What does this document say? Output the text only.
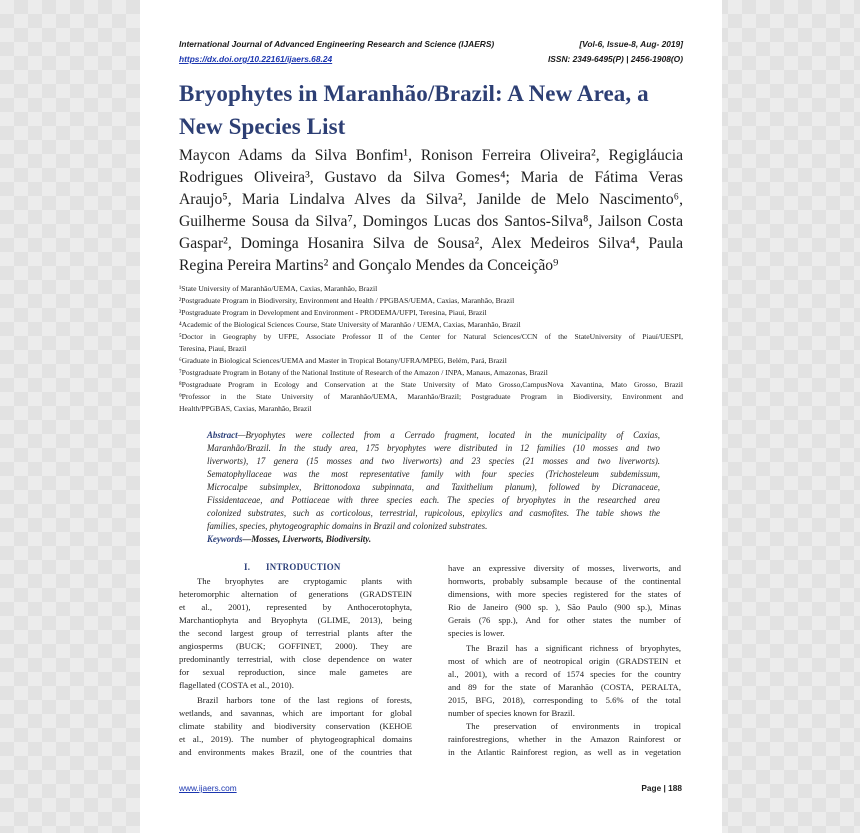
International Journal of Advanced Engineering Research and Science (IJAERS)	[Vol-6, Issue-8, Aug- 2019]
https://dx.doi.org/10.22161/ijaers.68.24	ISSN: 2349-6495(P) | 2456-1908(O)
Bryophytes in Maranhão/Brazil: A New Area, a
New Species List
Maycon Adams da Silva Bonfim¹, Ronison Ferreira Oliveira², Regigláucia
Rodrigues Oliveira³, Gustavo da Silva Gomes⁴; Maria de Fátima Veras
Araujo⁵, Maria Lindalva Alves da Silva², Janilde de Melo Nascimento⁶,
Guilherme Sousa da Silva⁷, Domingos Lucas dos Santos-Silva⁸, Jailson Costa
Gaspar², Dominga Hosanira Silva de Sousa², Alex Medeiros Silva⁴, Paula
Regina Pereira Martins² and Gonçalo Mendes da Conceição⁹
¹State University of Maranhão/UEMA, Caxias, Maranhão, Brazil
²Postgraduate Program in Biodiversity, Environment and Health / PPGBAS/UEMA, Caxias, Maranhão, Brazil
³Postgraduate Program in Development and Environment - PRODEMA/UFPI, Teresina, Piauí, Brazil
⁴Academic of the Biological Sciences Course, State University of Maranhão / UEMA, Caxias, Maranhão, Brazil
⁵Doctor in Geography by UFPE, Associate Professor II of the Center for Natural Sciences/CCN of the StateUniversity of Piauí/UESPI,
Teresina, Piauí, Brazil
⁶Graduate in Biological Sciences/UEMA and Master in Tropical Botany/UFRA/MPEG, Belém, Pará, Brazil
⁷Postgraduate Program in Botany of the National Institute of Research of the Amazon / INPA, Manaus, Amazonas, Brazil
⁸Postgraduate Program in Ecology and Conservation at the State University of Mato Grosso,CampusNova Xavantina, Mato Grosso, Brazil
⁹Professor in the State University of Maranhão/UEMA, Maranhão/Brazil; Postgraduate Program in Biodiversity, Environment and
Health/PPGBAS, Caxias, Maranhão, Brazil
Abstract—Bryophytes were collected from a Cerrado fragment, located in the municipality of Caxias,
Maranhão/Brazil. In the study area, 175 bryophytes were distributed in 12 families (10 mosses and two
liverworts), 17 genera (15 mosses and two liverworts) and 23 species (21 mosses and two liverworts).
Sematophyllaceae was the most representative family with four species (Trichosteleum subdemissum,
Microcalpe subsimplex, Brittonodoxa subpinnata, and Taxithelium planum), followed by Dicranaceae,
Fissidentaceae, and Pottiaceae with three species each. The species of bryophytes in the researched area
colonized substrates, such as corticolous, terrestrial, rupicolous, epixylics and casmofites. The table shows the
families, species, phytogeographic domains in Brazil and colonized substrates.
Keywords—Mosses, Liverworts, Biodiversity.
I. INTRODUCTION
The bryophytes are cryptogamic plants with
heteromorphic alternation of generations (GRADSTEIN
et al., 2001), represented by Anthocerotophyta,
Marchantiophyta and Bryophyta (GLIME, 2013), being
the second largest group of terrestrial plants after the
angiosperms (BUCK; GOFFINET, 2000). They are
predominantly terrestrial, with close dependence on water
for sexual reproduction, since male gametes are
flagellated (COSTA et al., 2010).
Brazil harbors tone of the last regions of forests,
wetlands, and savannas, which are important for global
climate stability and biodiversity conservation (KEHOE
et al., 2019). The number of phytogeographical domains
and environments makes Brazil, one of the countries that
have an expressive diversity of mosses, liverworts, and
hornworts, probably subsample because of the continental
dimensions, with more species registered for the states of
Rio de Janeiro (900 sp. ), São Paulo (900 sp.), Minas
Gerais (76 spp.), And for other states the number of
species is lower.
The Brazil has a significant richness of bryophytes,
most of which are of neotropical origin (GRADSTEIN et
al., 2001), with a record of 1574 species for the country
and 89 for the state of Maranhão (COSTA, PERALTA,
2015, BFG, 2018), corresponding to 5.6% of the total
number of species known for Brazil.
The preservation of environments in tropical
rainforestregions, whether in the Amazon Rainforest or
in the Atlantic Rainforest region, as well as in vegetation
www.ijaers.com	Page | 188
